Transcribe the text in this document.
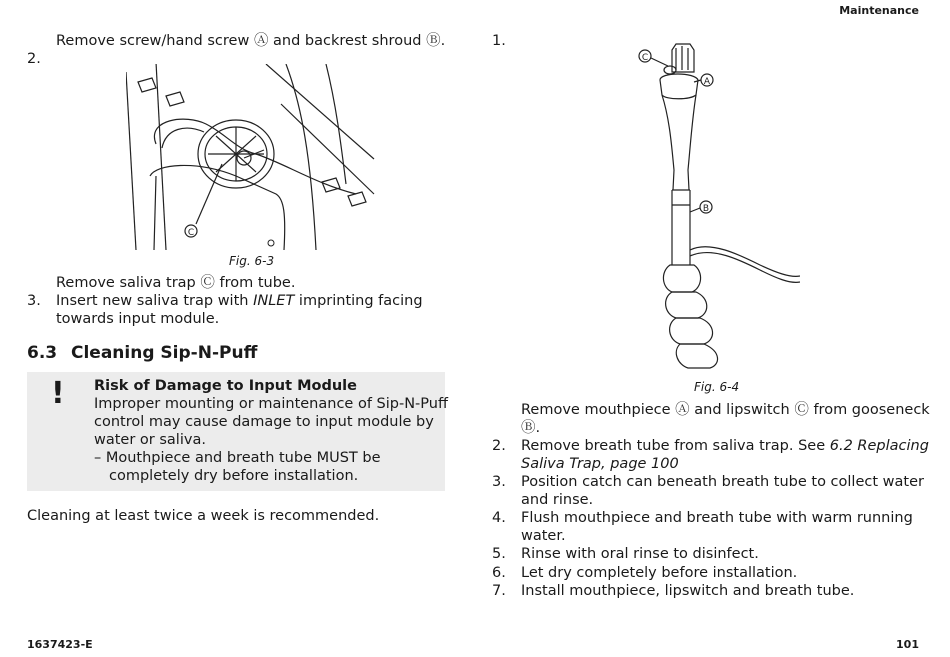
Maintenance
1637423-E	101
Remove screw/hand screw Ⓐ and backrest shroud Ⓑ.
2.
C
Fig. 6-3
Remove saliva trap Ⓒ from tube.
3. Insert new saliva trap with INLET imprinting facing
towards input module.
6.3 Cleaning Sip-N-Puff
! Risk of Damage to Input Module
Improper mounting or maintenance of Sip-N-Puff
control may cause damage to input module by
water or saliva.
– Mouthpiece and breath tube MUST be
completely dry before installation.
Cleaning at least twice a week is recommended.
1.
C
A
B
Fig. 6-4
Remove mouthpiece Ⓐ and lipswitch Ⓒ from gooseneck
Ⓑ.
2.	Remove breath tube from saliva trap. See 6.2 Replacing
Saliva Trap, page 100
3.	Position catch can beneath breath tube to collect water
and rinse.
4.	Flush mouthpiece and breath tube with warm running
water.
5.	Rinse with oral rinse to disinfect.
6.	Let dry completely before installation.
7.	Install mouthpiece, lipswitch and breath tube.
